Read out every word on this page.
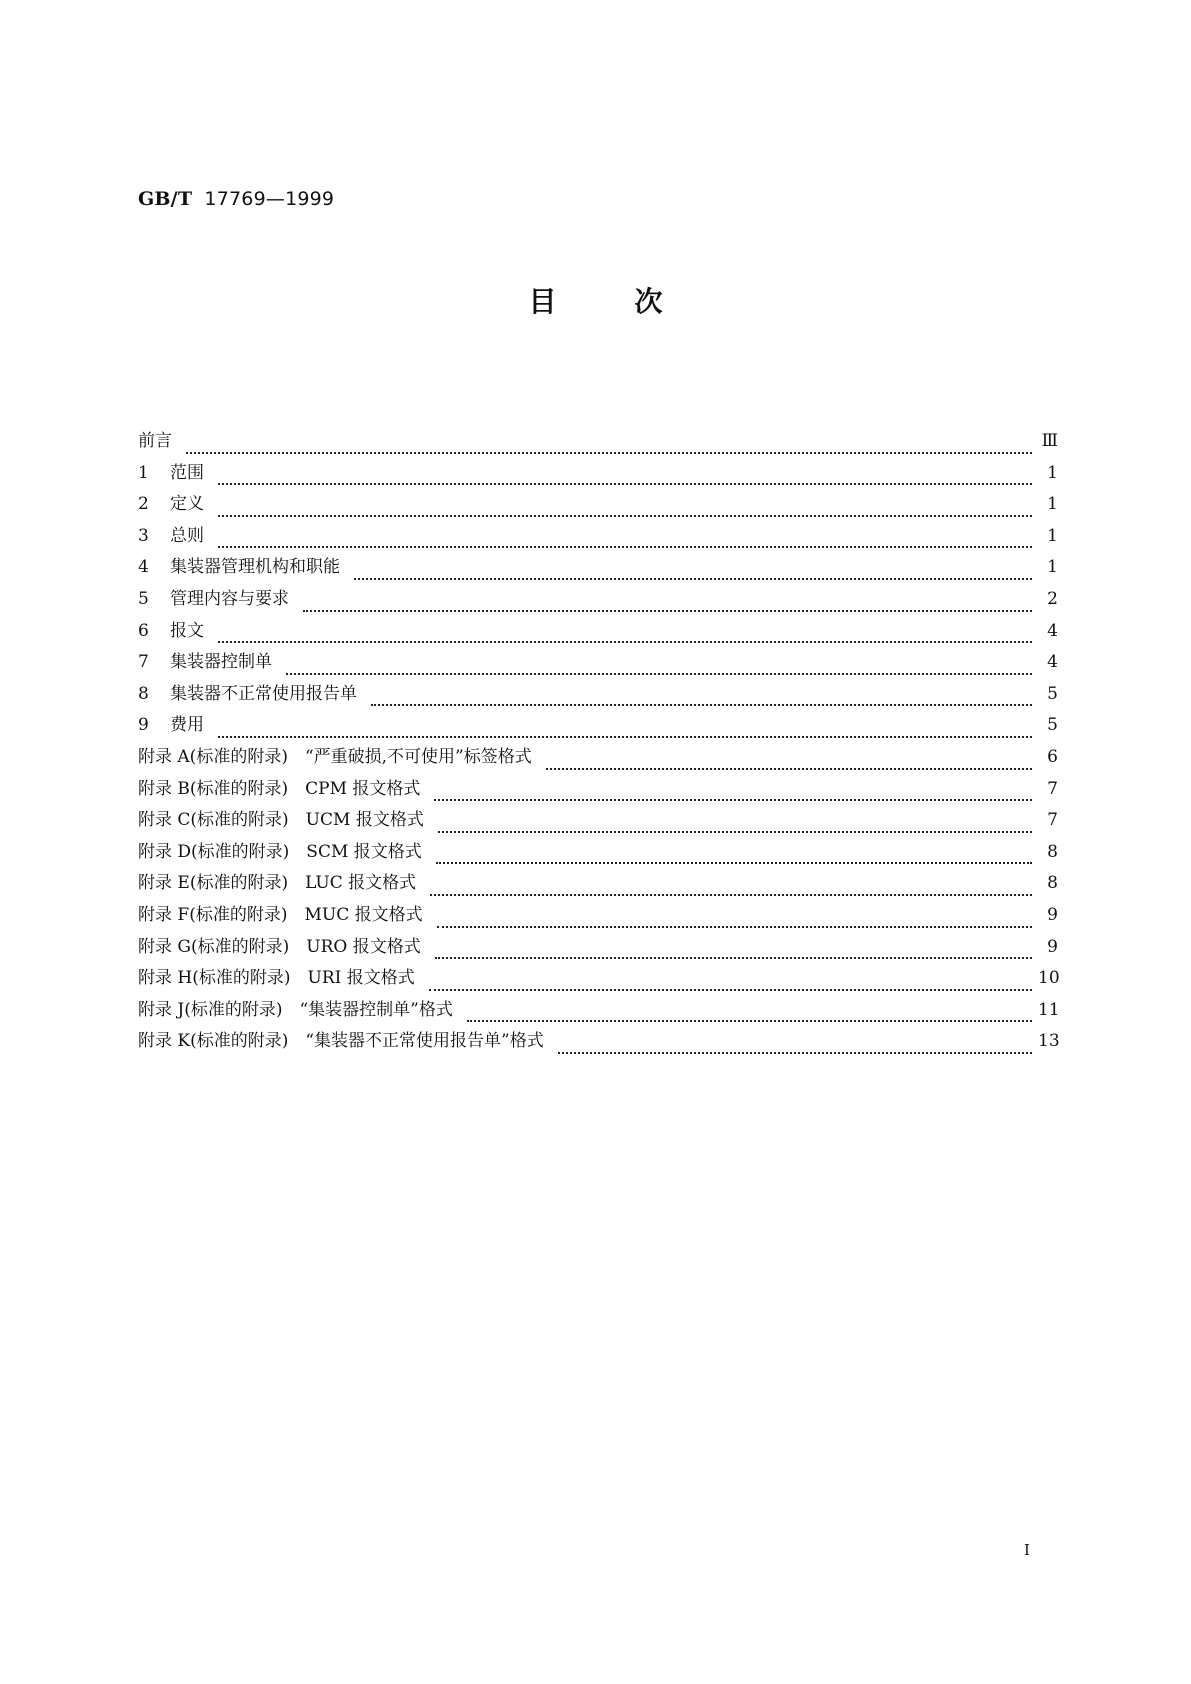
GB/T 17769—1999
目次
前言	Ⅲ
1 范围	1
2 定义	1
3 总则	1
4 集装器管理机构和职能	1
5 管理内容与要求	2
6 报文	4
7 集装器控制单	4
8 集装器不正常使用报告单	5
9 费用	5
附录 A(标准的附录)　“严重破损,不可使用”标签格式	6
附录 B(标准的附录)　CPM 报文格式	7
附录 C(标准的附录)　UCM 报文格式	7
附录 D(标准的附录)　SCM 报文格式	8
附录 E(标准的附录)　LUC 报文格式	8
附录 F(标准的附录)　MUC 报文格式	9
附录 G(标准的附录)　URO 报文格式	9
附录 H(标准的附录)　URI 报文格式	10
附录 J(标准的附录)　“集装器控制单”格式	11
附录 K(标准的附录)　“集装器不正常使用报告单”格式	13
Ⅰ
